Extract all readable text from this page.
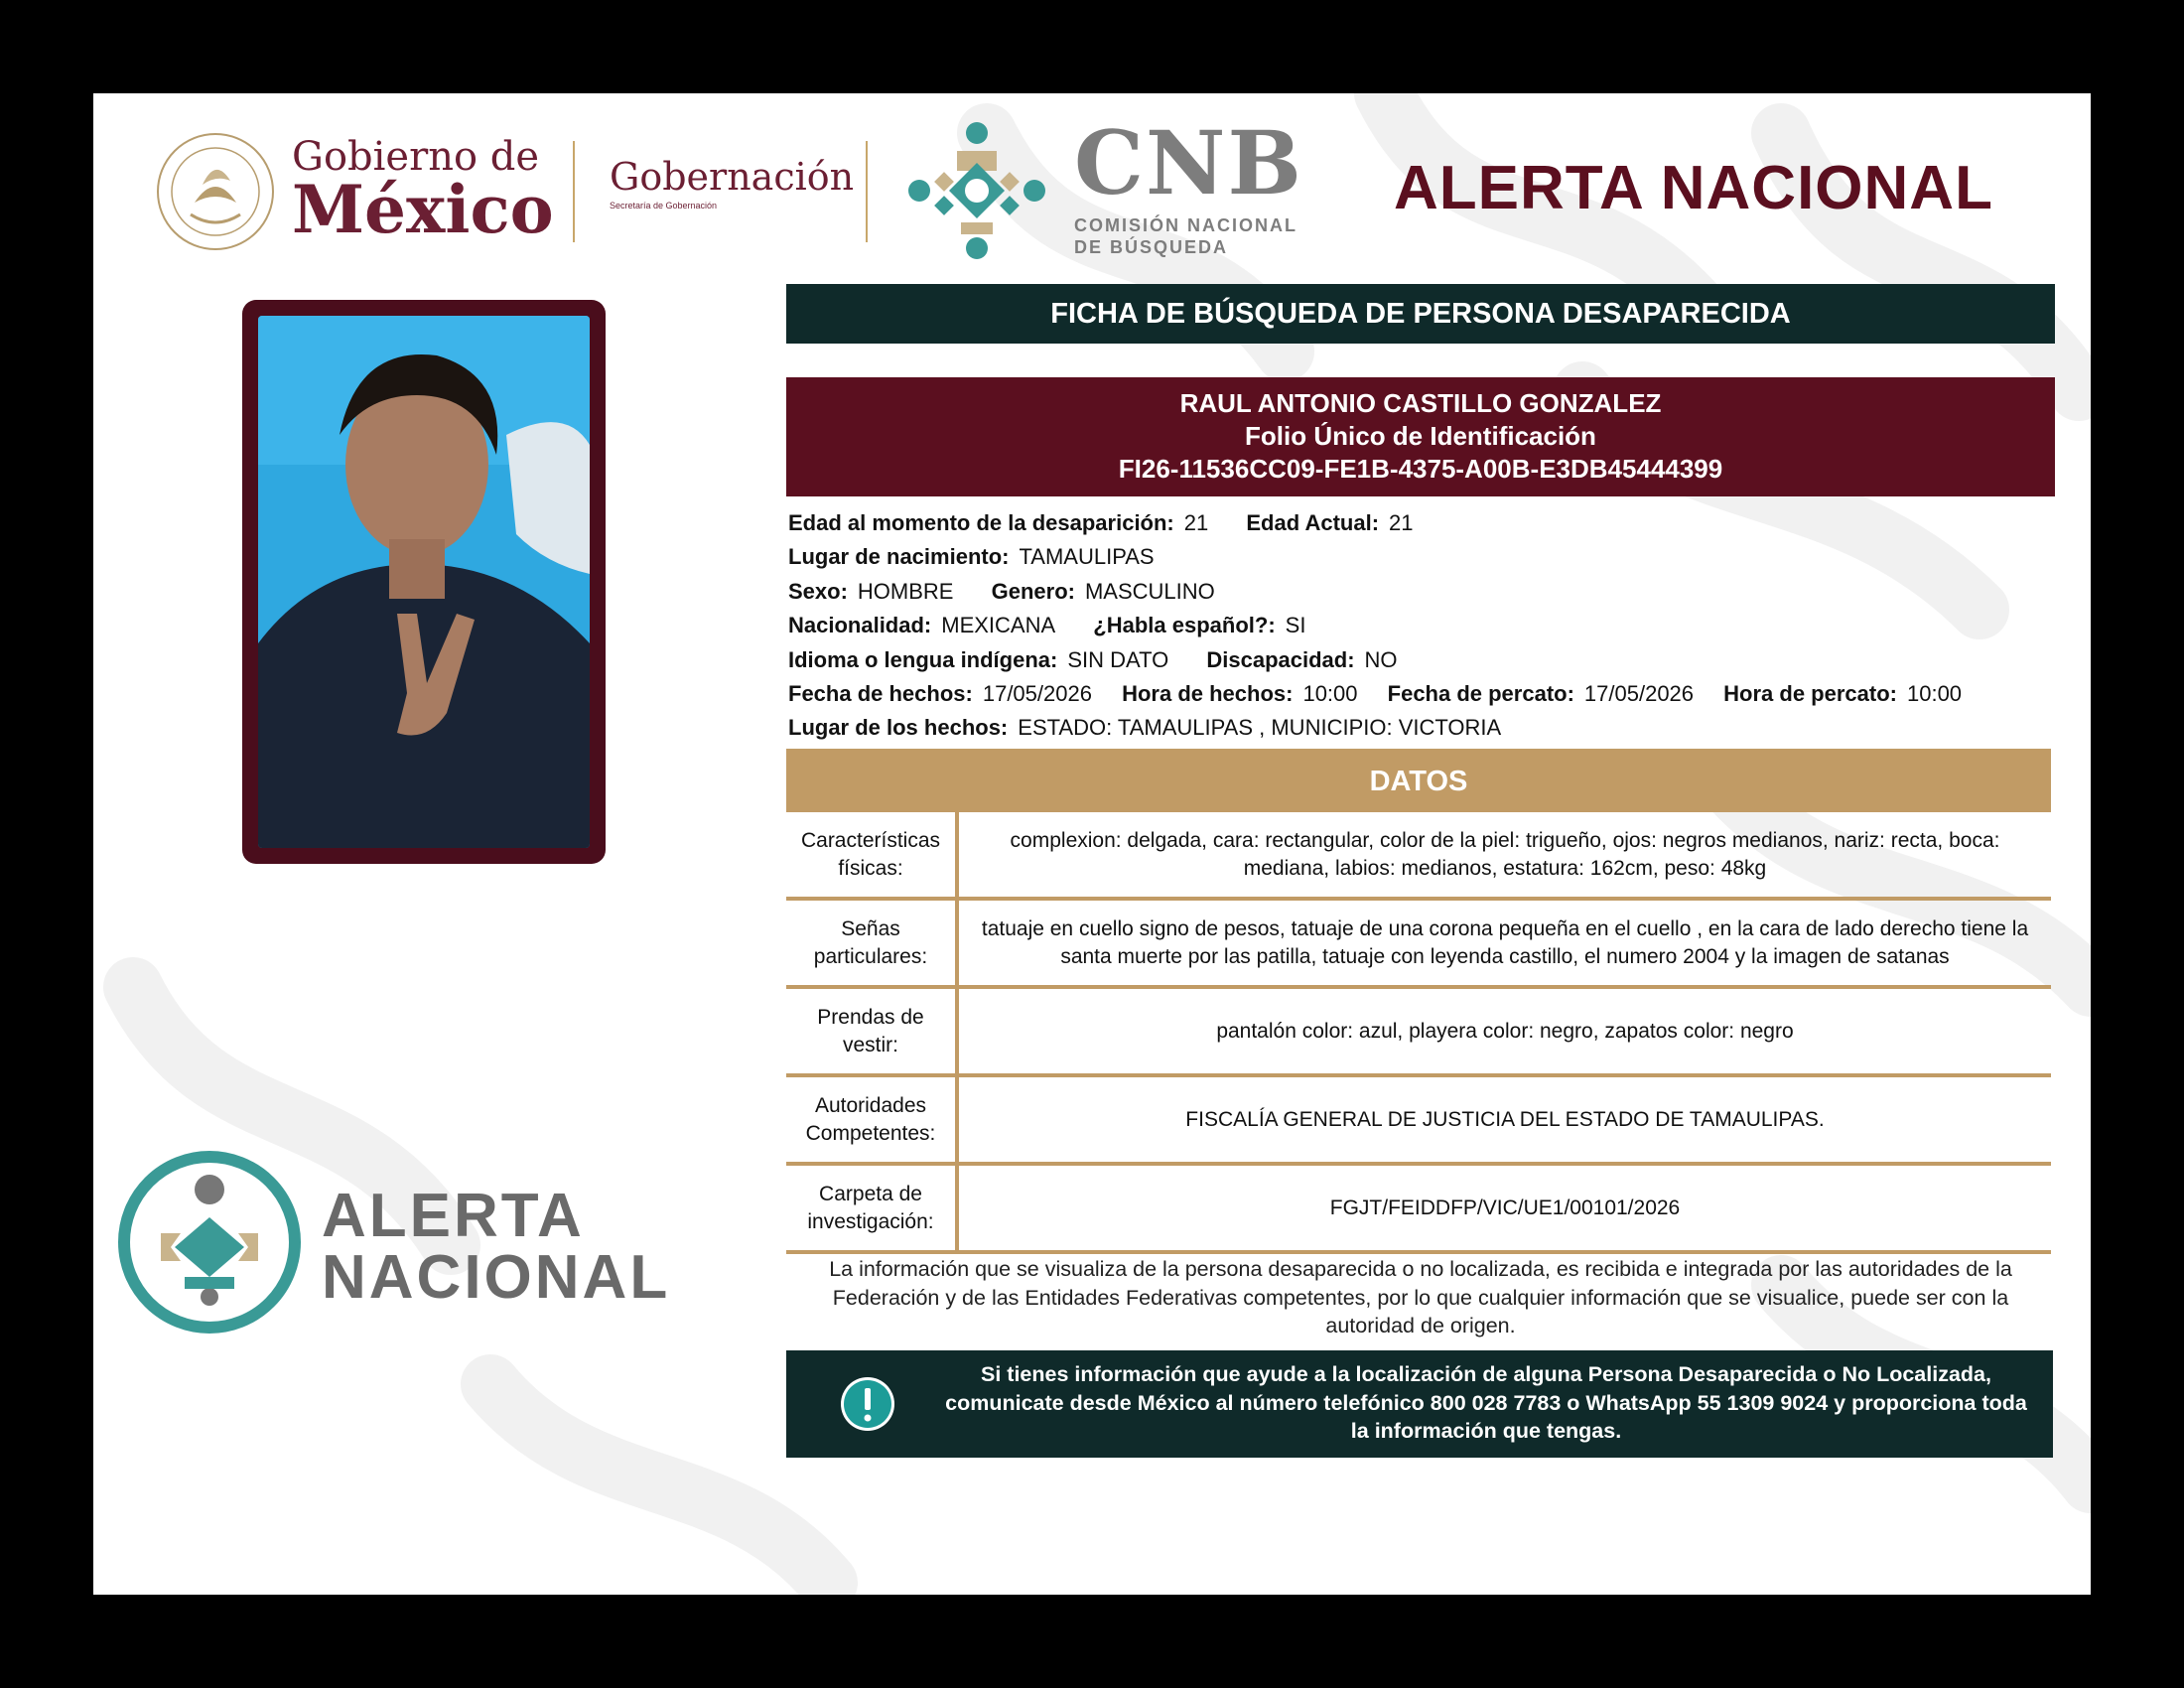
Gobierno de
México Gobernación
Secretaría de Gobernación	CNB
COMISIÓN NACIONAL
DE BÚSQUEDA
ALERTA NACIONAL
ALERTA
NACIONAL
FICHA DE BÚSQUEDA DE PERSONA DESAPARECIDA
RAUL ANTONIO CASTILLO GONZALEZ
Folio Único de Identificación
FI26-11536CC09-FE1B-4375-A00B-E3DB45444399
Edad al momento de la desaparición: 21 Edad Actual: 21
Lugar de nacimiento: TAMAULIPAS
Sexo: HOMBRE Genero: MASCULINO
Nacionalidad: MEXICANA ¿Habla español?: SI
Idioma o lengua indígena: SIN DATO Discapacidad: NO
Fecha de hechos: 17/05/2026 Hora de hechos: 10:00 Fecha de percato: 17/05/2026 Hora de percato: 10:00
Lugar de los hechos: ESTADO: TAMAULIPAS , MUNICIPIO: VICTORIA
DATOS
Características físicas:	complexion: delgada, cara: rectangular, color de la piel: trigueño, ojos: negros medianos, nariz: recta, boca: mediana, labios: medianos, estatura: 162cm, peso: 48kg
Señas particulares:	tatuaje en cuello signo de pesos, tatuaje de una corona pequeña en el cuello , en la cara de lado derecho tiene la santa muerte por las patilla, tatuaje con leyenda castillo, el numero 2004 y la imagen de satanas
Prendas de vestir:	pantalón color: azul, playera color: negro, zapatos color: negro
Autoridades Competentes:	FISCALÍA GENERAL DE JUSTICIA DEL ESTADO DE TAMAULIPAS.
Carpeta de investigación:	FGJT/FEIDDFP/VIC/UE1/00101/2026
La información que se visualiza de la persona desaparecida o no localizada, es recibida e integrada por las autoridades de la Federación y de las Entidades Federativas competentes, por lo que cualquier información que se visualice, puede ser con la autoridad de origen.
Si tienes información que ayude a la localización de alguna Persona Desaparecida o No Localizada, comunicate desde México al número telefónico 800 028 7783 o WhatsApp 55 1309 9024 y proporciona toda la información que tengas.
